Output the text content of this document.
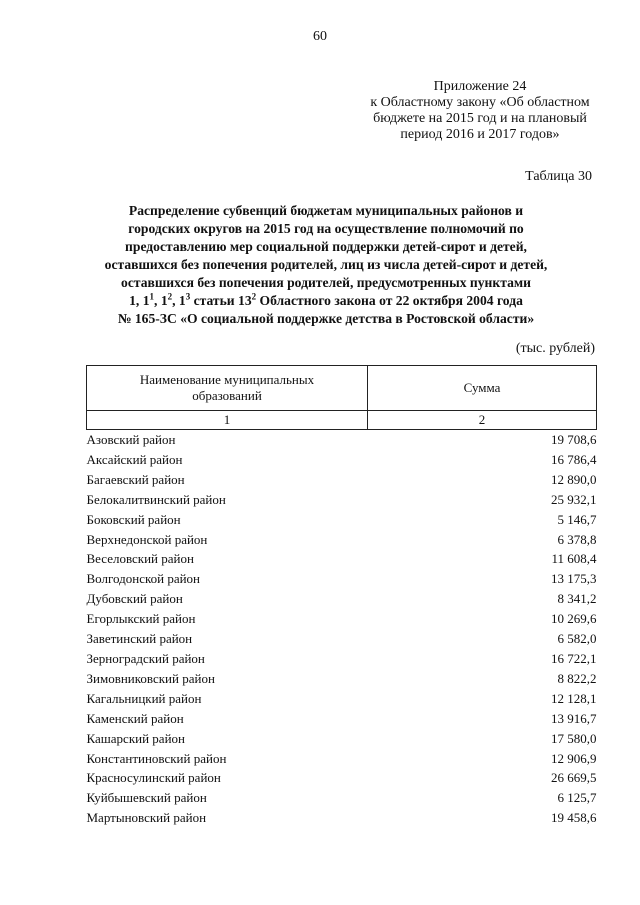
60
Приложение 24
к Областному закону «Об областном
бюджете на 2015 год и на плановый
период 2016 и 2017 годов»
Таблица 30
Распределение субвенций бюджетам муниципальных районов и
городских округов на 2015 год на осуществление полномочий по
предоставлению мер социальной поддержки детей-сирот и детей,
оставшихся без попечения родителей, лиц из числа детей-сирот и детей,
оставшихся без попечения родителей, предусмотренных пунктами
1, $1^1$, $1^2$, $1^3$ статьи $13^2$ Областного закона от 22 октября 2004 года
№ 165-ЗС «О социальной поддержке детства в Ростовской области»
(тыс. рублей)
Наименование муниципальных
образований	Сумма
1	2
Азовский район	19 708,6
Аксайский район	16 786,4
Багаевский район	12 890,0
Белокалитвинский район	25 932,1
Боковский район	5 146,7
Верхнедонской район	6 378,8
Веселовский район	11 608,4
Волгодонской район	13 175,3
Дубовский район	8 341,2
Егорлыкский район	10 269,6
Заветинский район	6 582,0
Зерноградский район	16 722,1
Зимовниковский район	8 822,2
Кагальницкий район	12 128,1
Каменский район	13 916,7
Кашарский район	17 580,0
Константиновский район	12 906,9
Красносулинский район	26 669,5
Куйбышевский район	6 125,7
Мартыновский район	19 458,6
